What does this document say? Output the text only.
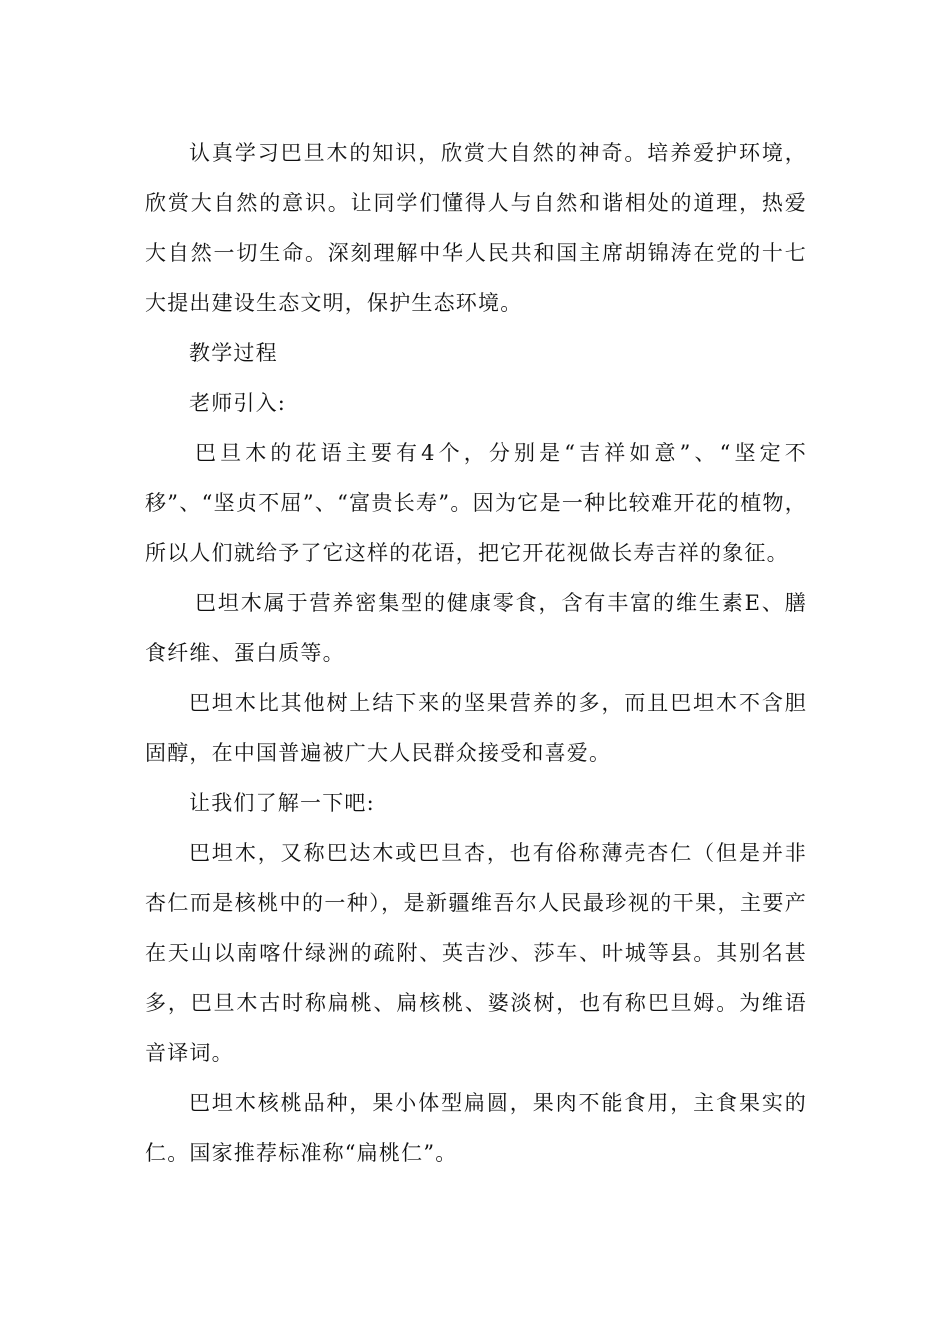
认真学习巴旦木的知识，欣赏大自然的神奇。培养爱护环境，欣赏大自然的意识。让同学们懂得人与自然和谐相处的道理，热爱大自然一切生命。深刻理解中华人民共和国主席胡锦涛在党的十七大提出建设生态文明，保护生态环境。

教学过程

老师引入:

巴旦木的花语主要有4个，分别是“吉祥如意”、“坚定不移”、“坚贞不屈”、“富贵长寿”。因为它是一种比较难开花的植物，所以人们就给予了它这样的花语，把它开花视做长寿吉祥的象征。

巴坦木属于营养密集型的健康零食，含有丰富的维生素E、膳食纤维、蛋白质等。

巴坦木比其他树上结下来的坚果营养的多，而且巴坦木不含胆固醇，在中国普遍被广大人民群众接受和喜爱。

让我们了解一下吧:

巴坦木，又称巴达木或巴旦杏，也有俗称薄壳杏仁（但是并非杏仁而是核桃中的一种），是新疆维吾尔人民最珍视的干果，主要产在天山以南喀什绿洲的疏附、英吉沙、莎车、叶城等县。其别名甚多，巴旦木古时称扁桃、扁核桃、婆淡树，也有称巴旦姆。为维语音译词。

巴坦木核桃品种，果小体型扁圆，果肉不能食用，主食果实的仁。国家推荐标准称“扁桃仁”。
